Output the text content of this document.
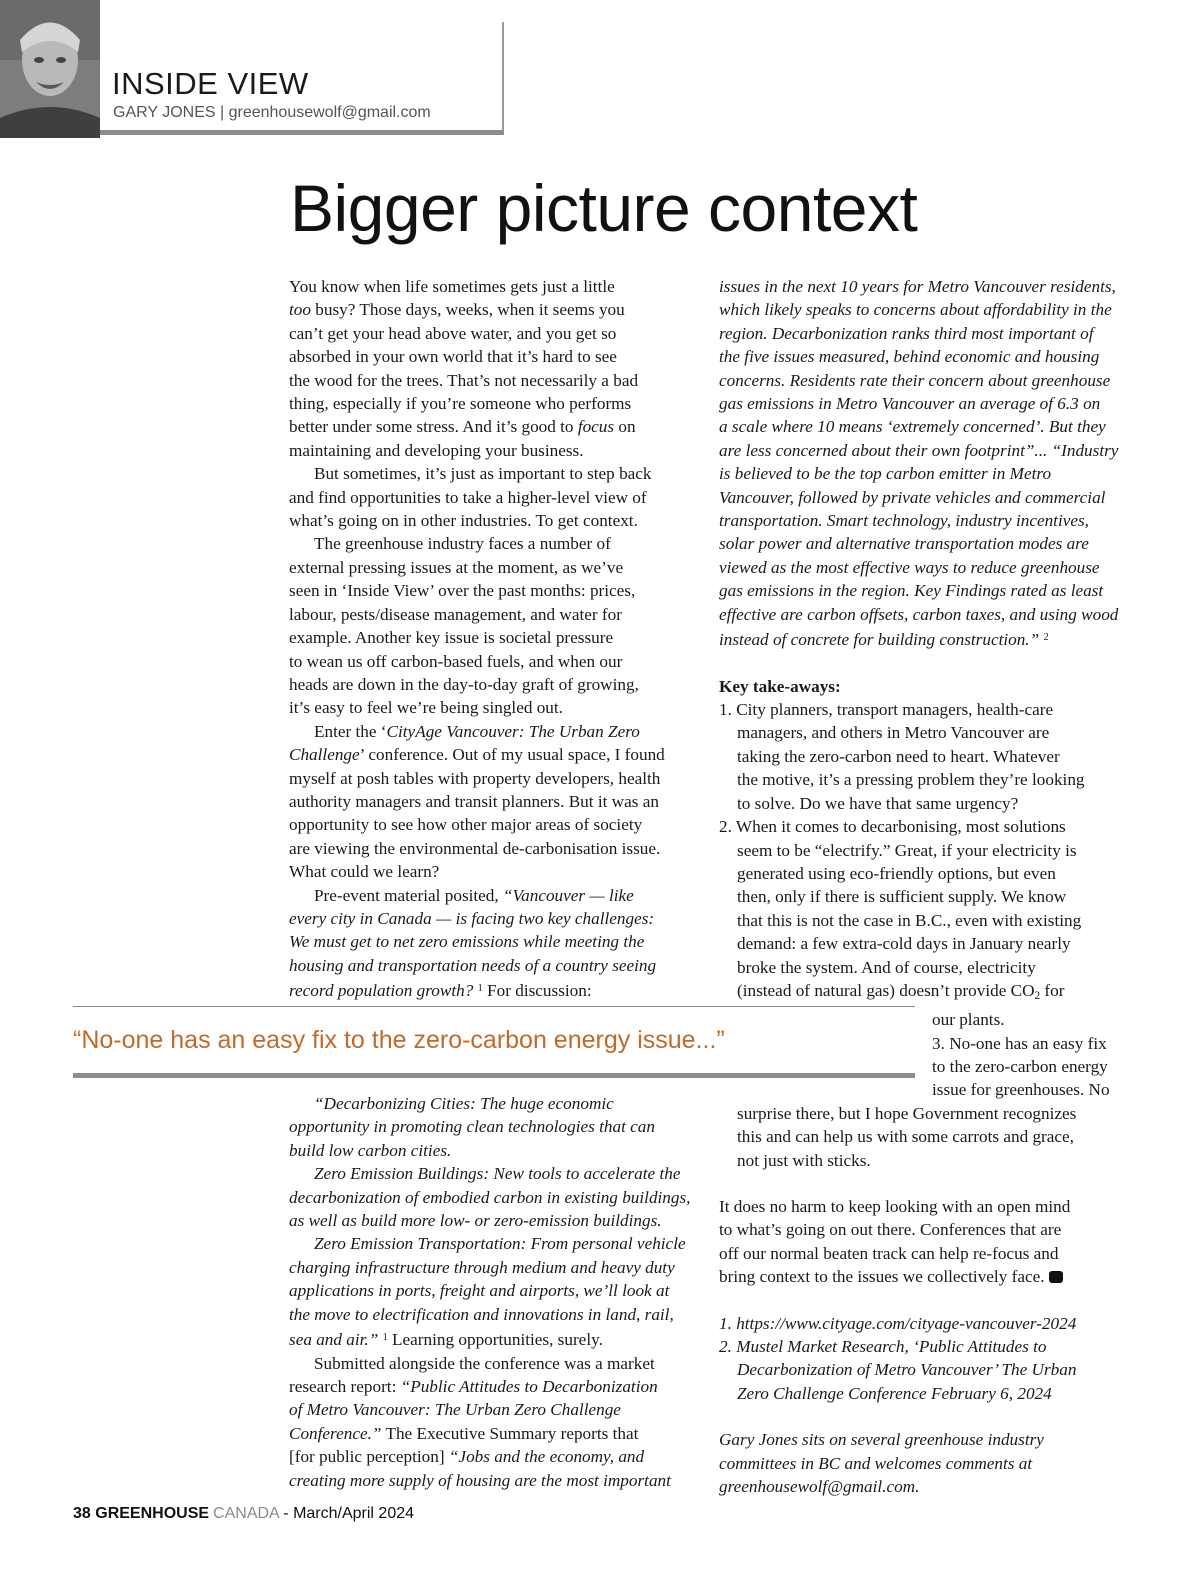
INSIDE VIEW
GARY JONES | greenhousewolf@gmail.com
Bigger picture context

You know when life sometimes gets just a little
too busy? Those days, weeks, when it seems you
can’t get your head above water, and you get so
absorbed in your own world that it’s hard to see
the wood for the trees. That’s not necessarily a bad
thing, especially if you’re someone who performs
better under some stress. And it’s good to focus on
maintaining and developing your business.

But sometimes, it’s just as important to step back
and find opportunities to take a higher-level view of
what’s going on in other industries. To get context.

The greenhouse industry faces a number of
external pressing issues at the moment, as we’ve
seen in ‘Inside View’ over the past months: prices,
labour, pests/disease management, and water for
example. Another key issue is societal pressure
to wean us off carbon-based fuels, and when our
heads are down in the day-to-day graft of growing,
it’s easy to feel we’re being singled out.

Enter the ‘CityAge Vancouver: The Urban Zero
Challenge’ conference. Out of my usual space, I found
myself at posh tables with property developers, health
authority managers and transit planners. But it was an
opportunity to see how other major areas of society
are viewing the environmental de-carbonisation issue.
What could we learn?

Pre-event material posited, “Vancouver — like
every city in Canada — is facing two key challenges:
We must get to net zero emissions while meeting the
housing and transportation needs of a country seeing
record population growth? $^1$ For discussion:

issues in the next 10 years for Metro Vancouver residents,
which likely speaks to concerns about affordability in the
region. Decarbonization ranks third most important of
the five issues measured, behind economic and housing
concerns. Residents rate their concern about greenhouse
gas emissions in Metro Vancouver an average of 6.3 on
a scale where 10 means ‘extremely concerned’. But they
are less concerned about their own footprint”... “Industry
is believed to be the top carbon emitter in Metro
Vancouver, followed by private vehicles and commercial
transportation. Smart technology, industry incentives,
solar power and alternative transportation modes are
viewed as the most effective ways to reduce greenhouse
gas emissions in the region. Key Findings rated as least
effective are carbon offsets, carbon taxes, and using wood
instead of concrete for building construction.” $^2$

Key take-aways:

1. City planners, transport managers, health-care
managers, and others in Metro Vancouver are
taking the zero-carbon need to heart. Whatever
the motive, it’s a pressing problem they’re looking
to solve. Do we have that same urgency?

2. When it comes to decarbonising, most solutions
seem to be “electrify.” Great, if your electricity is
generated using eco-friendly options, but even
then, only if there is sufficient supply. We know
that this is not the case in B.C., even with existing
demand: a few extra-cold days in January nearly
broke the system. And of course, electricity
(instead of natural gas) doesn’t provide $CO_2$ for
our plants.

3. No-one has an easy fix
to the zero-carbon energy
issue for greenhouses. No
surprise there, but I hope Government recognizes
this and can help us with some carrots and grace,
not just with sticks.

It does no harm to keep looking with an open mind
to what’s going on out there. Conferences that are
off our normal beaten track can help re-focus and
bring context to the issues we collectively face.

1. https://www.cityage.com/cityage-vancouver-2024
2. Mustel Market Research, ‘Public Attitudes to
Decarbonization of Metro Vancouver’ The Urban
Zero Challenge Conference February 6, 2024

Gary Jones sits on several greenhouse industry
committees in BC and welcomes comments at
greenhousewolf@gmail.com.

“No-one has an easy fix to the zero-carbon energy issue...”

“Decarbonizing Cities: The huge economic
opportunity in promoting clean technologies that can
build low carbon cities.

Zero Emission Buildings: New tools to accelerate the
decarbonization of embodied carbon in existing buildings,
as well as build more low- or zero-emission buildings.

Zero Emission Transportation: From personal vehicle
charging infrastructure through medium and heavy duty
applications in ports, freight and airports, we’ll look at
the move to electrification and innovations in land, rail,
sea and air.” $^1$ Learning opportunities, surely.

Submitted alongside the conference was a market
research report: “Public Attitudes to Decarbonization
of Metro Vancouver: The Urban Zero Challenge
Conference.” The Executive Summary reports that
[for public perception] “Jobs and the economy, and
creating more supply of housing are the most important

38 GREENHOUSE CANADA - March/April 2024
